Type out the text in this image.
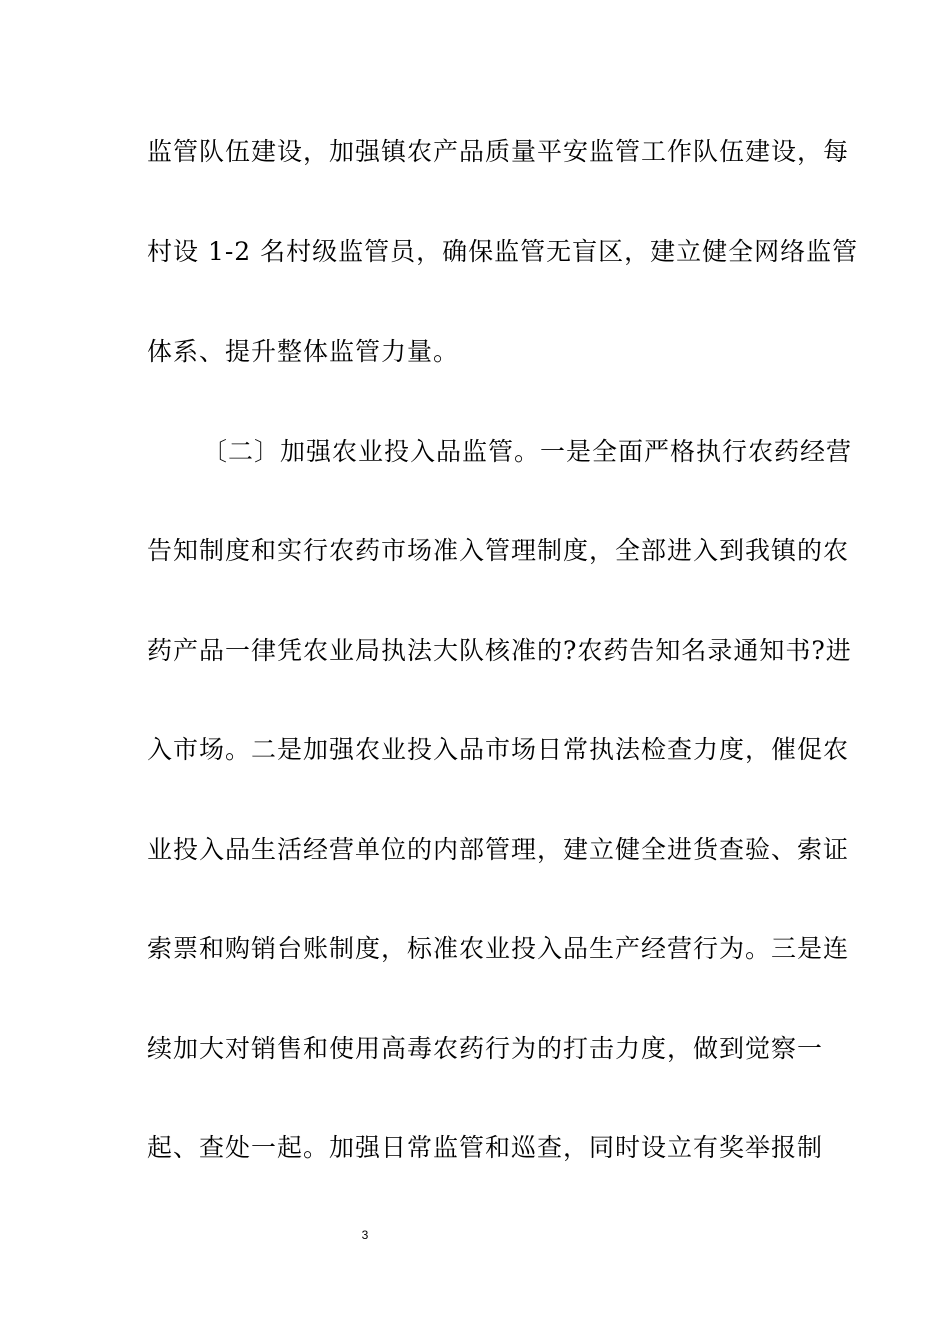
监管队伍建设，加强镇农产品质量平安监管工作队伍建设，每
村设 1-2 名村级监管员，确保监管无盲区，建立健全网络监管
体系、提升整体监管力量。
〔二〕加强农业投入品监管。一是全面严格执行农药经营
告知制度和实行农药市场准入管理制度，全部进入到我镇的农
药产品一律凭农业局执法大队核准的?农药告知名录通知书?进
入市场。二是加强农业投入品市场日常执法检查力度，催促农
业投入品生活经营单位的内部管理，建立健全进货查验、索证
索票和购销台账制度，标准农业投入品生产经营行为。三是连
续加大对销售和使用高毒农药行为的打击力度，做到觉察一
起、查处一起。加强日常监管和巡查，同时设立有奖举报制
3
